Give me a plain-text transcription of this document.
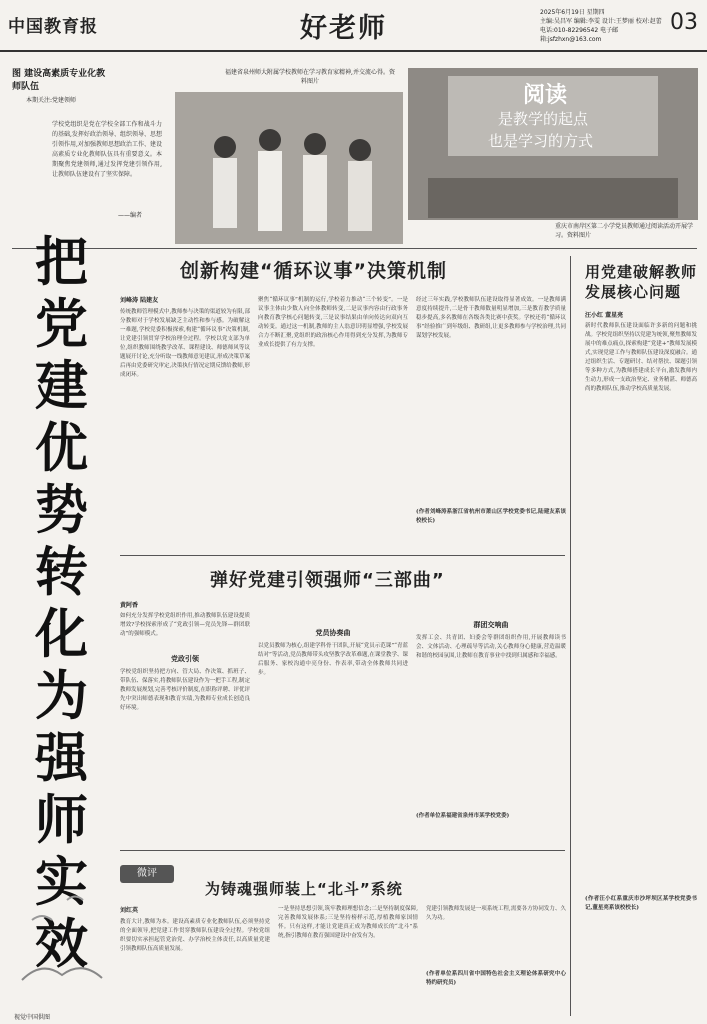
中国教育报	好老师
2025年6月19日 星期四
主编:吴昌军 编辑:李雯 设计:王梦丽 校对:赵蕾
电话:010-82296542 电子邮箱:jsfzhxn@163.com
03
图 建设高素质专业化教师队伍
本期关注:党建领师
学校党组织是党在学校全部工作和战斗力的基础,发挥好政治领导、组织领导、思想引领作用,对加强教师思想政治工作、建设高素质专业化教师队伍具有重要意义。本期聚焦党建领师,通过发挥党建引领作用,让教师队伍建设有了坚实保障。
——编者
福建省泉州师大附属学校教师在学习教育家精神,并交流心得。资料图片
阅读
是教学的起点
也是学习的方式
重庆市南岸区第二小学党员教师通过阅读活动开展学习。资料图片
把党建优势转化为强师实效
创新构建“循环议事”决策机制
刘峰涛 陆建友
传统教师管理模式中,教师参与决策的渠道较为有限,部分教师对于学校发展缺乏主动性和参与感。为破解这一难题,学校党委积极探索,构建“循环议事”决策机制,让党建引领贯穿学校治理全过程。学校以党支部为单位,组织教师围绕教学改革、课程建设、师德师风等议题展开讨论,充分听取一线教师意见建议,形成决策草案后再由党委研究审定,决策执行情况定期反馈给教师,形成闭环。
聚焦“循环议事”机制的运行,学校着力推动“三个转变”。一是议事主体由少数人向全体教师转变,二是议事内容由行政事务向教育教学核心问题转变,三是议事结果由单向传达向双向互动转变。通过这一机制,教师的主人翁意识明显增强,学校发展合力不断汇聚,党组织的政治核心作用得到充分发挥,为教师专业成长提供了有力支撑。
经过三年实践,学校教师队伍建设取得显著成效。一是教师满意度持续提升,二是骨干教师数量明显增加,三是教育教学质量稳步提高,多名教师在各级各类比赛中获奖。学校还将“循环议事”经验推广到年级组、教研组,让更多教师参与学校治理,共同谋划学校发展。
(作者刘峰涛系浙江省杭州市萧山区学校党委书记,陆建友系该校校长)
用党建破解教师发展核心问题
汪小红 董星亮
新时代教师队伍建设面临许多新的问题和挑战。学校党组织坚持以党建为统领,聚焦教师发展中的难点痛点,探索构建“党建+”教师发展模式,实现党建工作与教师队伍建设深度融合。通过组织生活、专题研讨、结对帮扶、课题引领等多种方式,为教师搭建成长平台,激发教师内生动力,形成一支政治坚定、业务精湛、师德高尚的教师队伍,推动学校高质量发展。
(作者汪小红系重庆市沙坪坝区某学校党委书记,董星亮系该校校长)
弹好党建引领强师“三部曲”
黄阿香
如何充分发挥学校党组织作用,推动教师队伍建设提质增效?学校探索形成了“党政引领—党员先锋—群团联动”的强师模式。
党政引领
学校党组织坚持把方向、管大局、作决策、抓班子、带队伍、保落实,将教师队伍建设作为一把手工程,制定教师发展规划,完善考核评价制度,在职称评聘、评优评先中突出师德表现和教育实绩,为教师专业成长创造良好环境。
党员协奏曲
以党员教师为核心,组建学科骨干团队,开展“党员示范课”“青蓝结对”等活动,党员教师带头攻坚教学改革难题,在课堂教学、课后服务、家校沟通中亮身份、作表率,带动全体教师共同进步。
群团交响曲
发挥工会、共青团、妇委会等群团组织作用,开展教师读书会、文体活动、心理疏导等活动,关心教师身心健康,营造温暖和谐的校园氛围,让教师在教育事业中找到归属感和幸福感。
(作者单位系福建省泉州市某学校党委)
微评
为铸魂强师装上“北斗”系统
刘红英
教育大计,教师为本。建设高素质专业化教师队伍,必须坚持党的全面领导,把党建工作贯穿教师队伍建设全过程。学校党组织要切实承担起管党治党、办学治校主体责任,以高质量党建引领教师队伍高质量发展。
一是坚持思想引领,筑牢教师理想信念;二是坚持制度保障,完善教师发展体系;三是坚持榜样示范,厚植教师家国情怀。只有这样,才能让党建真正成为教师成长的“北斗”系统,指引教师在教育强国建设中奋发有为。
党建引领教师发展是一项系统工程,需要各方协同发力、久久为功。
(作者单位系四川省中国特色社会主义理论体系研究中心特约研究员)
视觉中国供图
